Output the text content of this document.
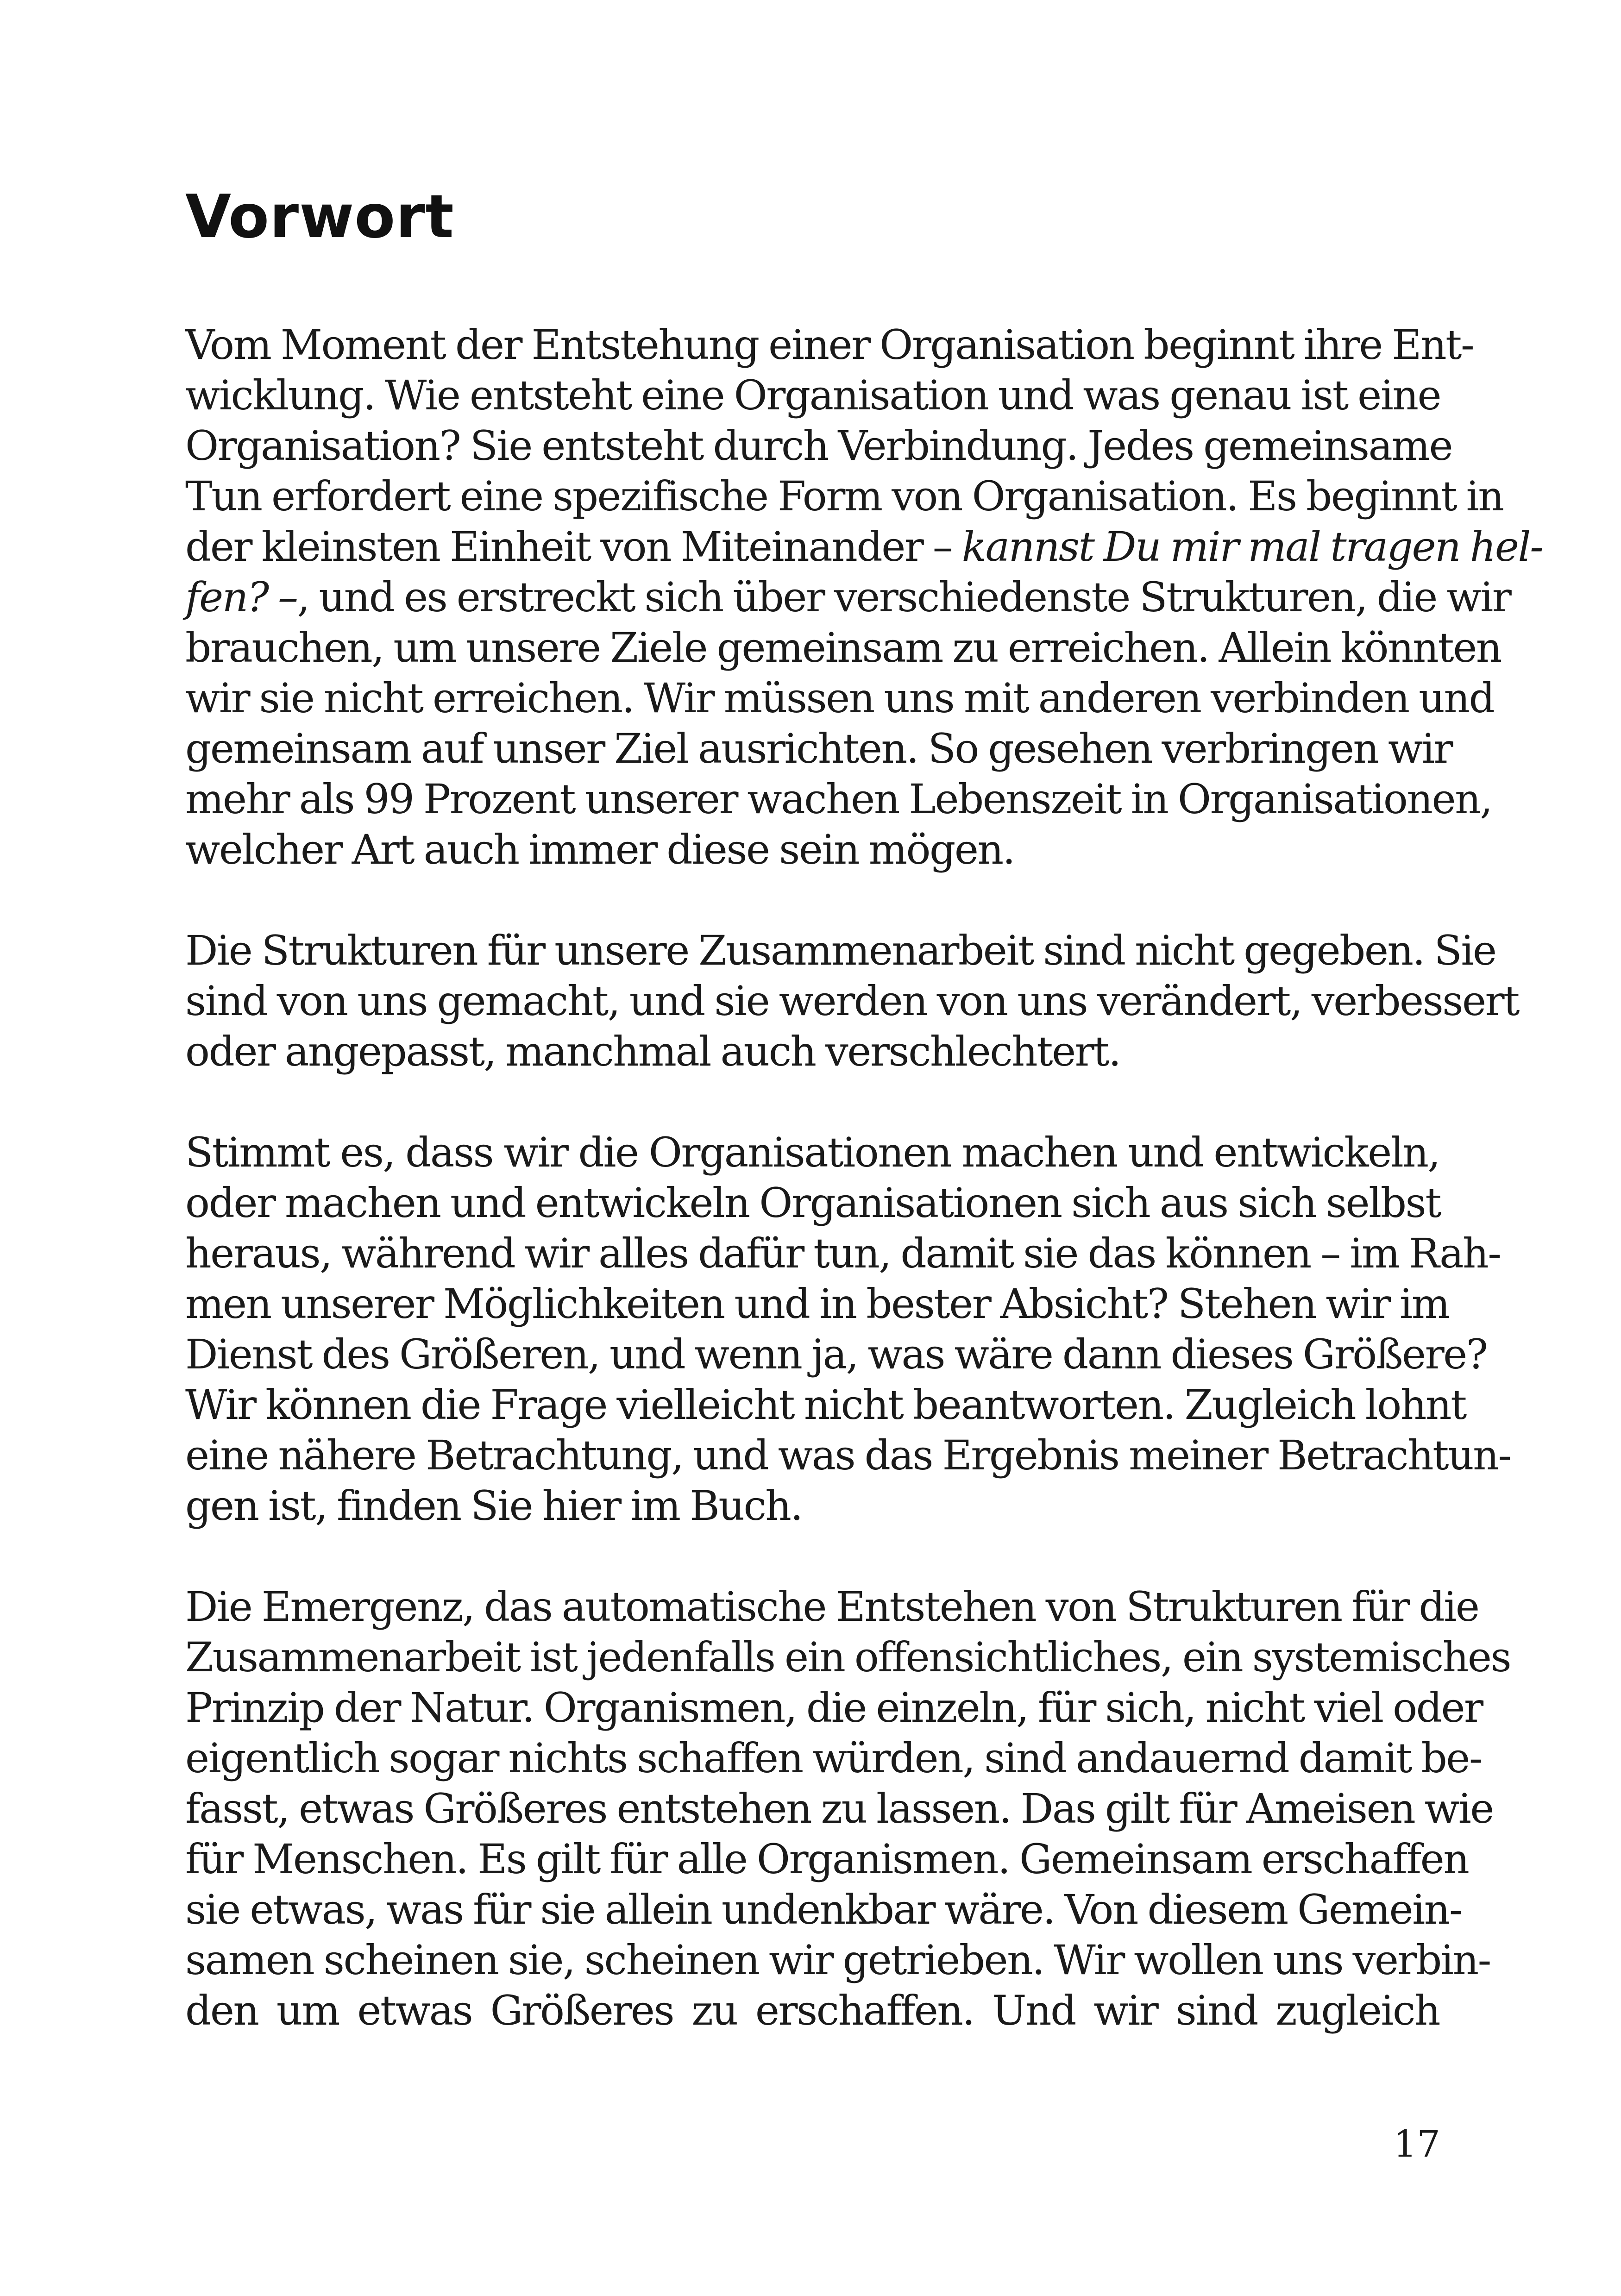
Vorwort
Vom Moment der Entstehung einer Organisation beginnt ihre Ent-
wicklung. Wie entsteht eine Organisation und was genau ist eine
Organisation? Sie entsteht durch Verbindung. Jedes gemeinsame
Tun erfordert eine spezifische Form von Organisation. Es beginnt in
der kleinsten Einheit von Miteinander – kannst Du mir mal tragen hel-
fen? –, und es erstreckt sich über verschiedenste Strukturen, die wir
brauchen, um unsere Ziele gemeinsam zu erreichen. Allein könnten
wir sie nicht erreichen. Wir müssen uns mit anderen verbinden und
gemeinsam auf unser Ziel ausrichten. So gesehen verbringen wir
mehr als 99 Prozent unserer wachen Lebenszeit in Organisationen,
welcher Art auch immer diese sein mögen.
Die Strukturen für unsere Zusammenarbeit sind nicht gegeben. Sie
sind von uns gemacht, und sie werden von uns verändert, verbessert
oder angepasst, manchmal auch verschlechtert.
Stimmt es, dass wir die Organisationen machen und entwickeln,
oder machen und entwickeln Organisationen sich aus sich selbst
heraus, während wir alles dafür tun, damit sie das können – im Rah-
men unserer Möglichkeiten und in bester Absicht? Stehen wir im
Dienst des Größeren, und wenn ja, was wäre dann dieses Größere?
Wir können die Frage vielleicht nicht beantworten. Zugleich lohnt
eine nähere Betrachtung, und was das Ergebnis meiner Betrachtun-
gen ist, finden Sie hier im Buch.
Die Emergenz, das automatische Entstehen von Strukturen für die
Zusammenarbeit ist jedenfalls ein offensichtliches, ein systemisches
Prinzip der Natur. Organismen, die einzeln, für sich, nicht viel oder
eigentlich sogar nichts schaffen würden, sind andauernd damit be-
fasst, etwas Größeres entstehen zu lassen. Das gilt für Ameisen wie
für Menschen. Es gilt für alle Organismen. Gemeinsam erschaffen
sie etwas, was für sie allein undenkbar wäre. Von diesem Gemein-
samen scheinen sie, scheinen wir getrieben. Wir wollen uns verbin-
den um etwas Größeres zu erschaffen. Und wir sind zugleich
17
